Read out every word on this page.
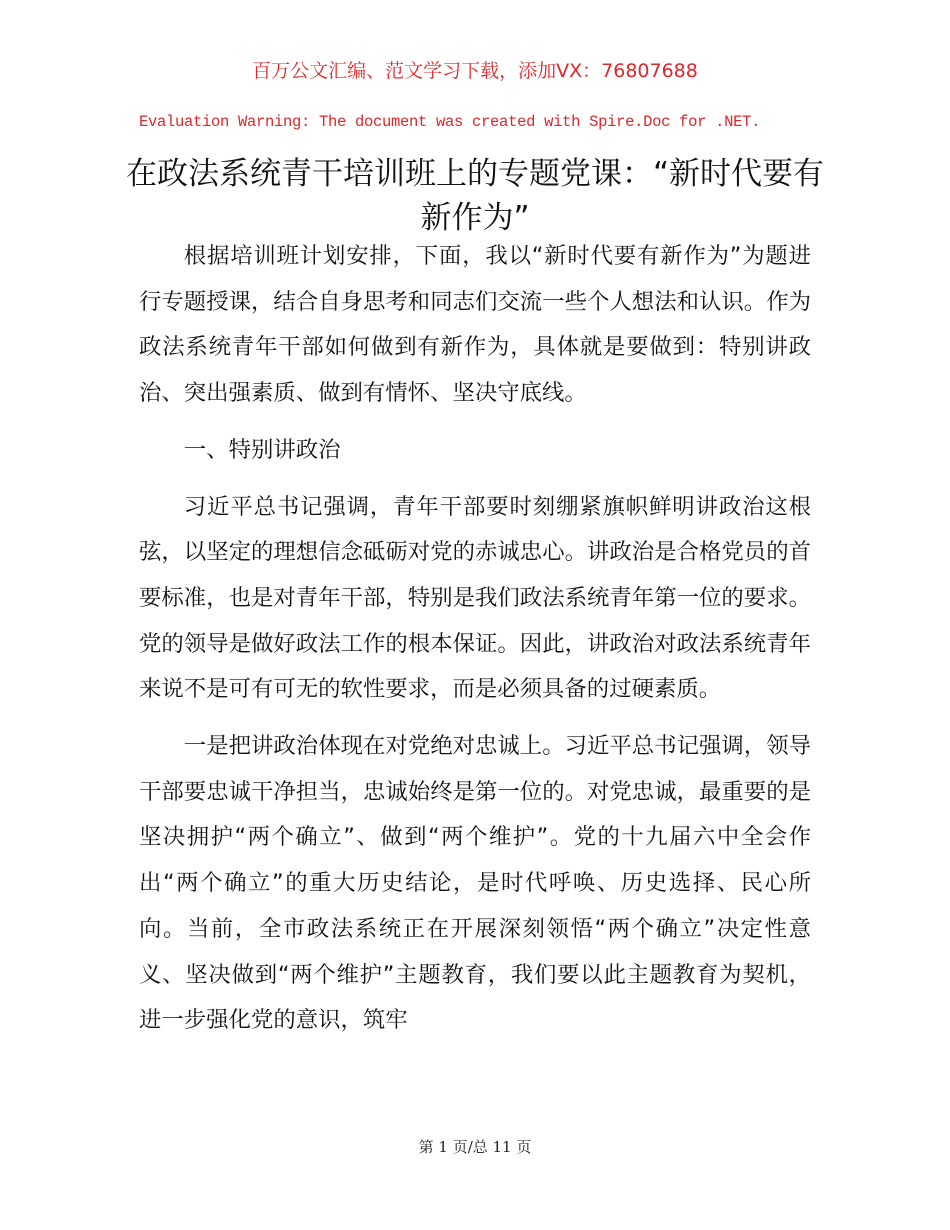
百万公文汇编、范文学习下载，添加VX：76807688
Evaluation Warning: The document was created with Spire.Doc for .NET.
在政法系统青干培训班上的专题党课：“新时代要有新作为”

根据培训班计划安排，下面，我以“新时代要有新作为”为题进行专题授课，结合自身思考和同志们交流一些个人想法和认识。作为政法系统青年干部如何做到有新作为，具体就是要做到：特别讲政治、突出强素质、做到有情怀、坚决守底线。

一、特别讲政治

习近平总书记强调，青年干部要时刻绷紧旗帜鲜明讲政治这根弦，以坚定的理想信念砥砺对党的赤诚忠心。讲政治是合格党员的首要标准，也是对青年干部，特别是我们政法系统青年第一位的要求。党的领导是做好政法工作的根本保证。因此，讲政治对政法系统青年来说不是可有可无的软性要求，而是必须具备的过硬素质。

一是把讲政治体现在对党绝对忠诚上。习近平总书记强调，领导干部要忠诚干净担当，忠诚始终是第一位的。对党忠诚，最重要的是坚决拥护“两个确立”、做到“两个维护”。党的十九届六中全会作出“两个确立”的重大历史结论，是时代呼唤、历史选择、民心所向。当前，全市政法系统正在开展深刻领悟“两个确立”决定性意义、坚决做到“两个维护”主题教育，我们要以此主题教育为契机，进一步强化党的意识，筑牢

第 1 页/总 11 页
